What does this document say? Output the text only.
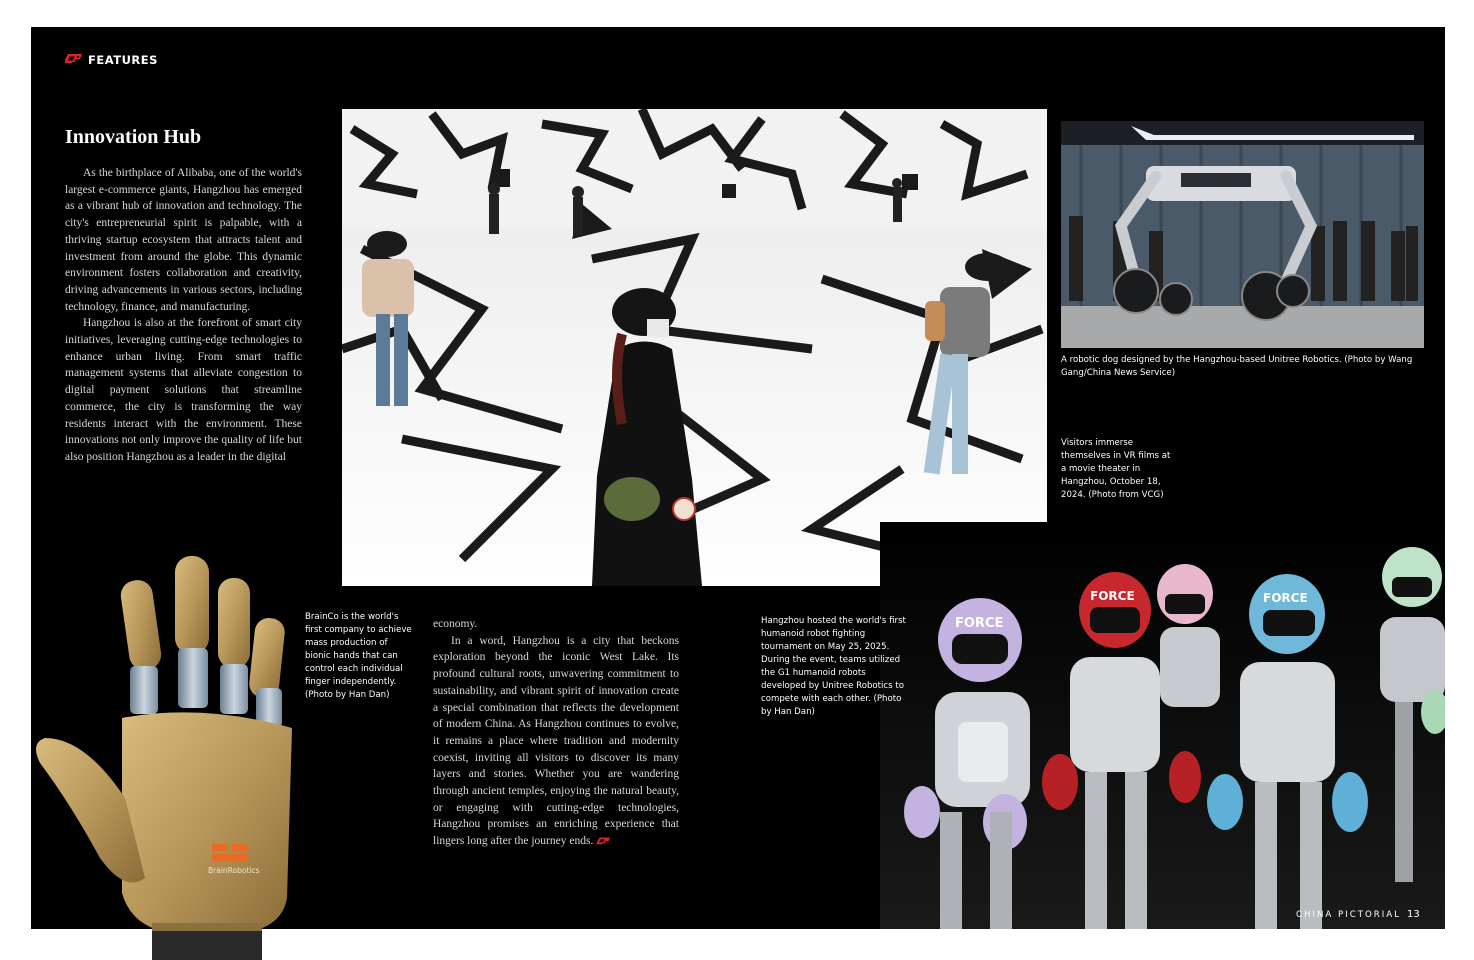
FEATURES
Innovation Hub

As the birthplace of Alibaba, one of the world's largest e-commerce giants, Hangzhou has emerged as a vibrant hub of innovation and technology. The city's entrepreneurial spirit is palpable, with a thriving startup ecosystem that attracts talent and investment from around the globe. This dynamic environment fosters collaboration and creativity, driving advancements in various sectors, including technology, finance, and manufacturing.

Hangzhou is also at the forefront of smart city initiatives, leveraging cutting-edge technologies to enhance urban living. From smart traffic management systems that alleviate congestion to digital payment solutions that streamline commerce, the city is transforming the way residents interact with the environment. These innovations not only improve the quality of life but also position Hangzhou as a leader in the digital

A robotic dog designed by the Hangzhou-based Unitree Robotics. (Photo by Wang Gang/China News Service)
Visitors immerse themselves in VR films at a movie theater in Hangzhou, October 18, 2024. (Photo from VCG)
FORCE
FORCE	FORCE
Hangzhou hosted the world's first humanoid robot fighting tournament on May 25, 2025. During the event, teams utilized the G1 humanoid robots developed by Unitree Robotics to compete with each other. (Photo by Han Dan)

economy.

In a word, Hangzhou is a city that beckons exploration beyond the iconic West Lake. Its profound cultural roots, unwavering commitment to sustainability, and vibrant spirit of innovation create a special combination that reflects the development of modern China. As Hangzhou continues to evolve, it remains a place where tradition and modernity coexist, inviting all visitors to discover its many layers and stories. Whether you are wandering through ancient temples, enjoying the natural beauty, or engaging with cutting-edge technologies, Hangzhou promises an enriching experience that lingers long after the journey ends.

BrainRobotics
BrainCo is the world's first company to achieve mass production of bionic hands that can control each individual finger independently. (Photo by Han Dan)
CHINA PICTORIAL 13
